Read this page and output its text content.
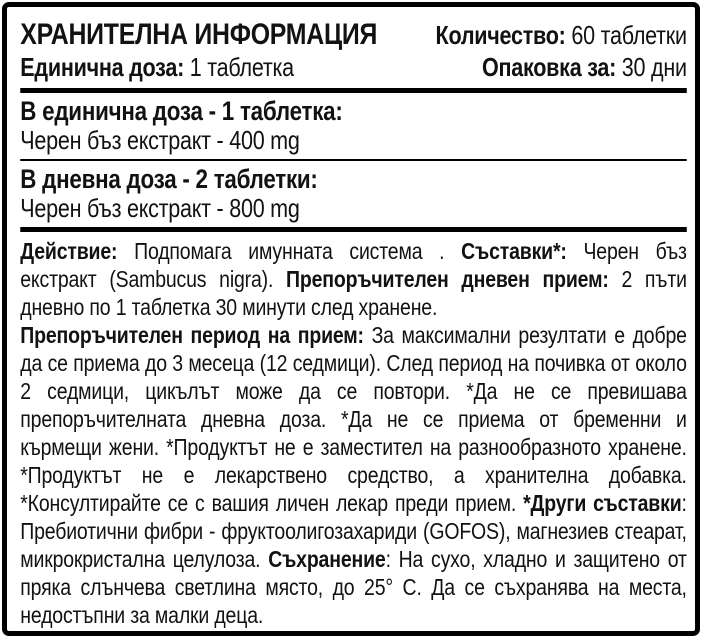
ХРАНИТЕЛНА ИНФОРМАЦИЯ Количество: 60 таблетки
Единична доза: 1 таблетка	Опаковка за: 30 дни
В единична доза - 1 таблетка:
Черен бъз екстракт - 400 mg
В дневна доза - 2 таблетки:
Черен бъз екстракт - 800 mg

Действие: Подпомага имунната система . Съставки*: Черен бъз екстракт (Sambucus nigra). Препоръчителен дневен прием: 2 пъти дневно по 1 таблетка 30 минути след хранене.

Препоръчителен период на прием: За максимални резултати е добре да се приема до 3 месеца (12 седмици). След период на почивка от около 2 седмици, цикълът може да се повтори. *Да не се превишава препоръчителната дневна доза. *Да не се приема от бременни и кърмещи жени. *Продуктът не е заместител на разнообразното хранене. *Продуктът не е лекарствено средство, а хранителна добавка. *Консултирайте се с вашия личен лекар преди прием. *Други съставки: Пребиотични фибри - фруктоолигозахариди (GOFOS), магнезиев стеарат, микрокристална целулоза. Съхранение: На сухо, хладно и защитено от пряка слънчева светлина място, до 25° C. Да се съхранява на места, недостъпни за малки деца.
